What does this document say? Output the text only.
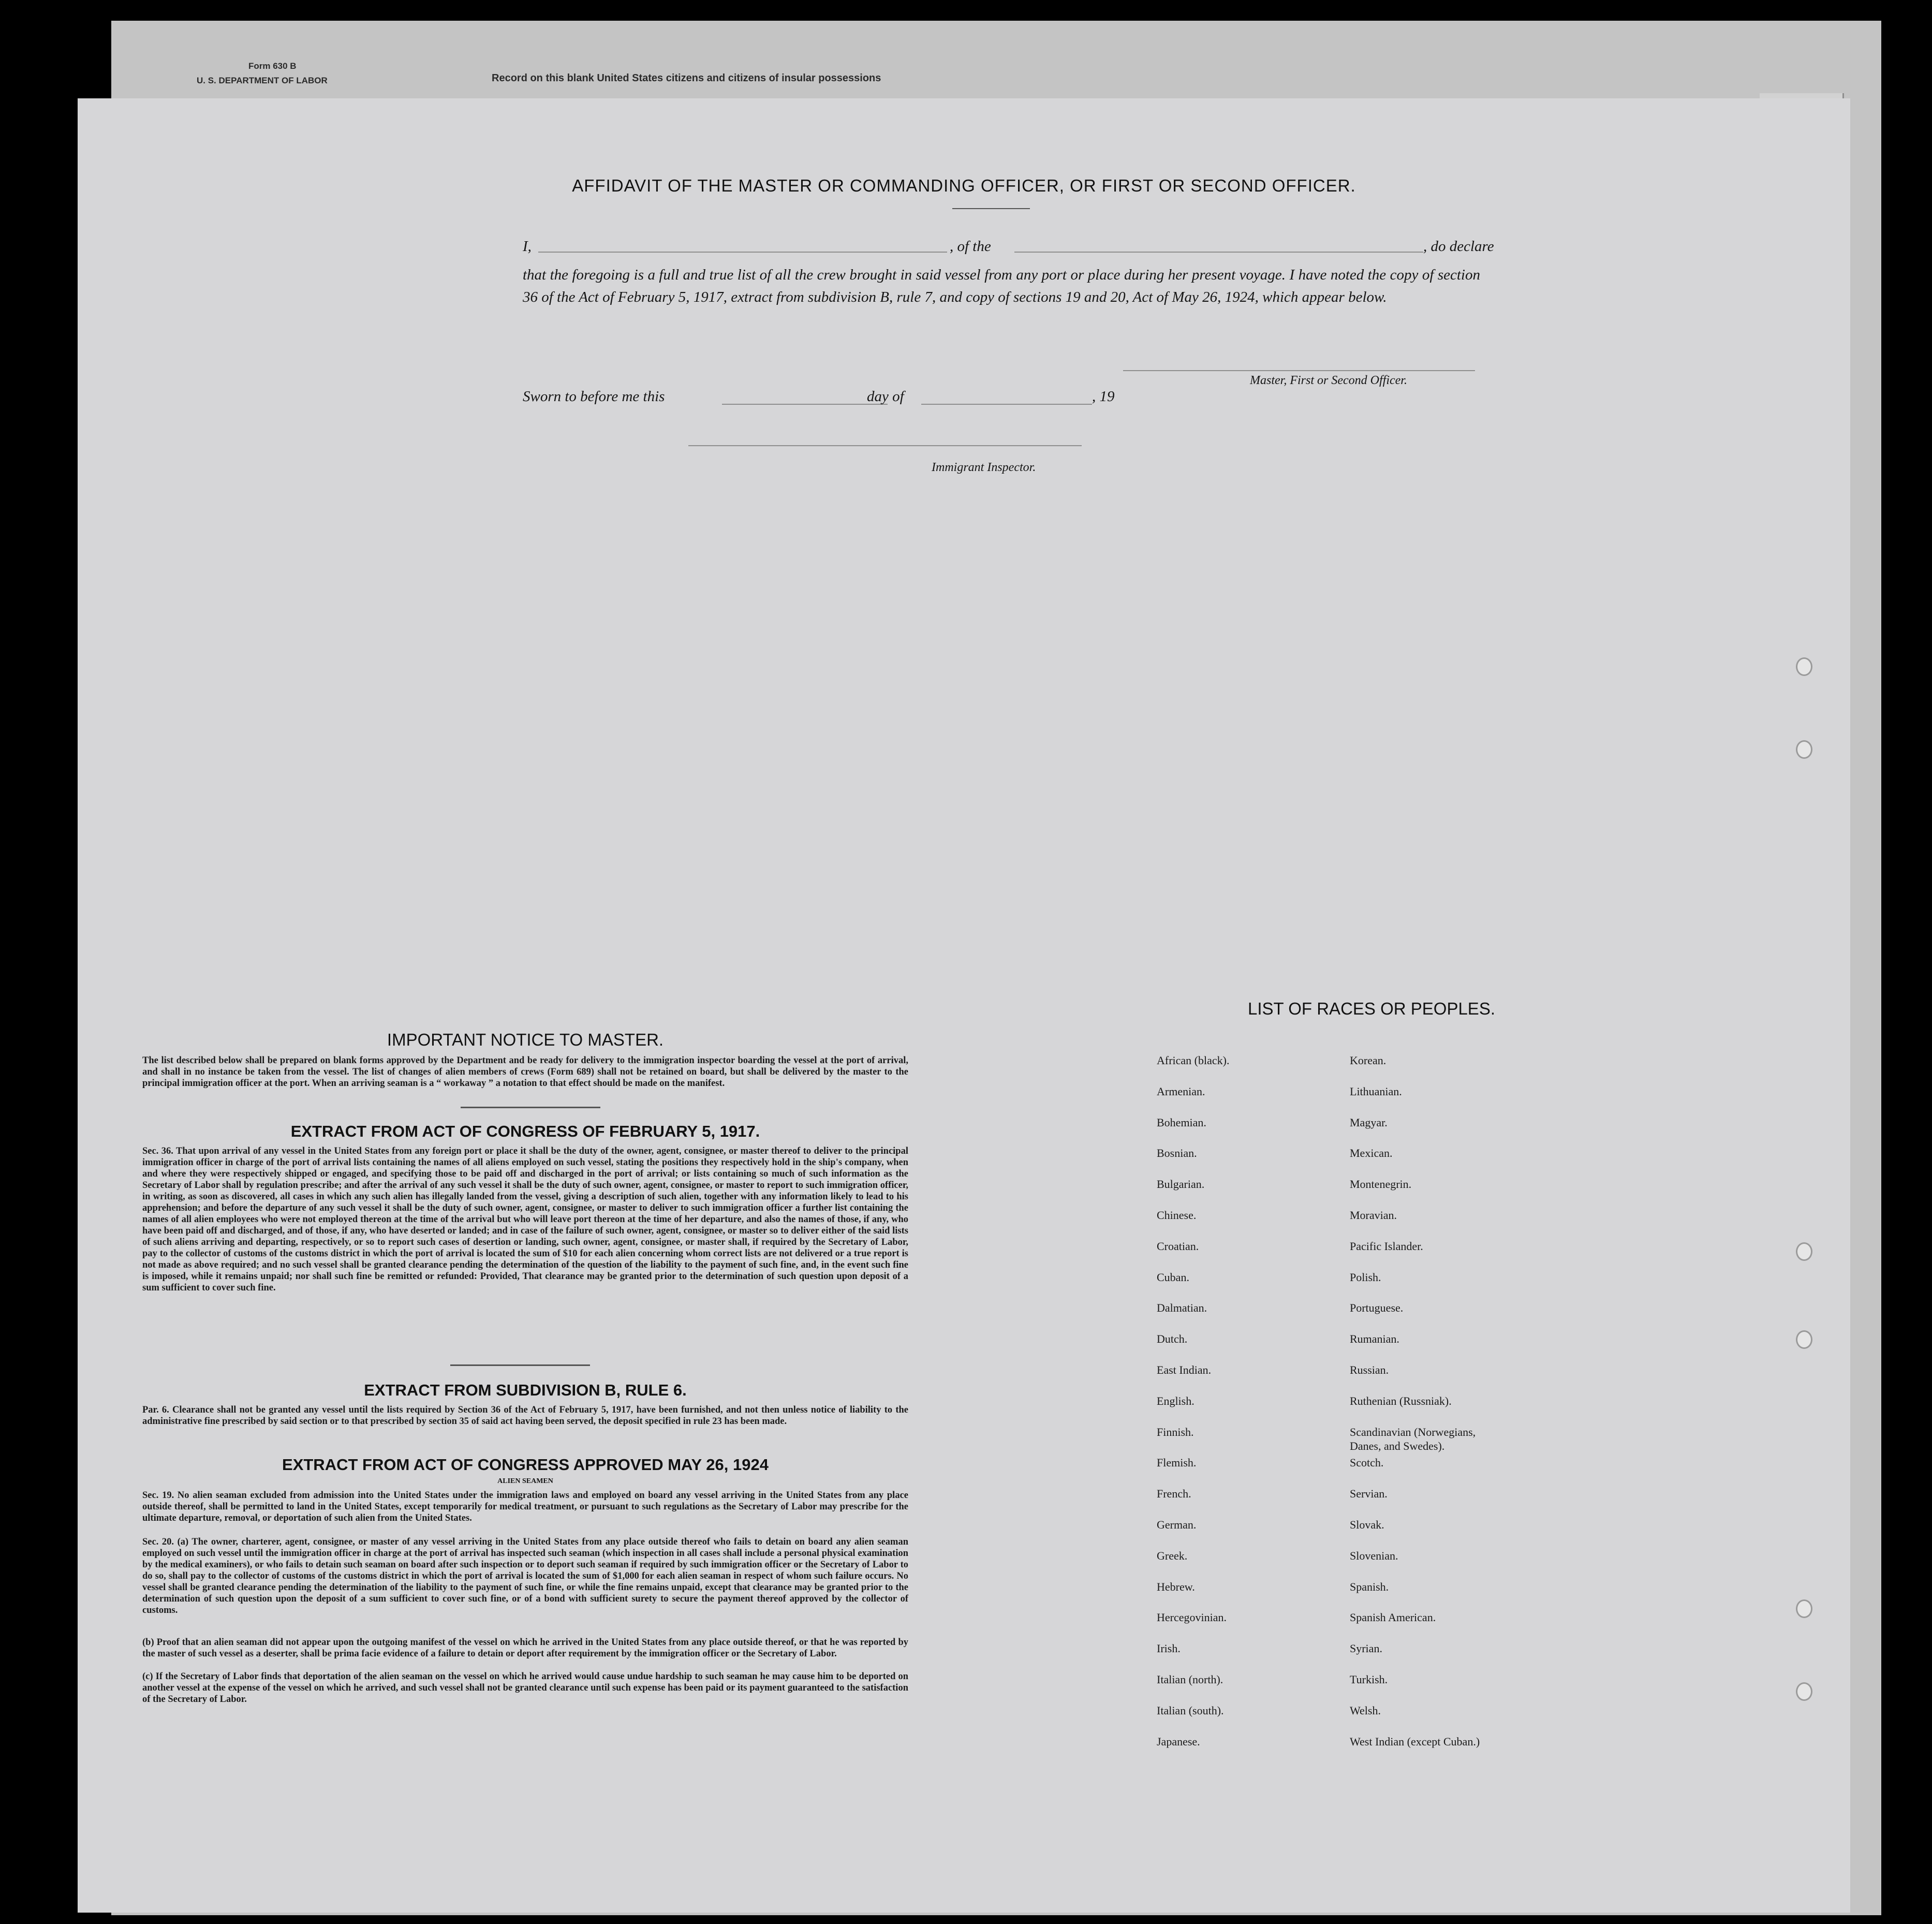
Form 630 B
U. S. DEPARTMENT OF LABOR	Record on this blank United States citizens and citizens of insular possessions
AFFIDAVIT OF THE MASTER OR COMMANDING OFFICER, OR FIRST OR SECOND OFFICER.
I,	, of the	, do declare
that the foregoing is a full and true list of all the crew brought in said vessel from any port or place during her present voyage. I have noted the copy of section 36 of the Act of February 5, 1917, extract from subdivision B, rule 7, and copy of sections 19 and 20, Act of May 26, 1924, which appear below.
Master, First or Second Officer.
Sworn to before me this	day of	, 19
Immigrant Inspector.
IMPORTANT NOTICE TO MASTER.
The list described below shall be prepared on blank forms approved by the Department and be ready for delivery to the immigration inspector boarding the vessel at the port of arrival, and shall in no instance be taken from the vessel. The list of changes of alien members of crews (Form 689) shall not be retained on board, but shall be delivered by the master to the principal immigration officer at the port. When an arriving seaman is a “ workaway ” a notation to that effect should be made on the manifest.
EXTRACT FROM ACT OF CONGRESS OF FEBRUARY 5, 1917.
Sec. 36. That upon arrival of any vessel in the United States from any foreign port or place it shall be the duty of the owner, agent, consignee, or master thereof to deliver to the principal immigration officer in charge of the port of arrival lists containing the names of all aliens employed on such vessel, stating the positions they respectively hold in the ship's company, when and where they were respectively shipped or engaged, and specifying those to be paid off and discharged in the port of arrival; or lists containing so much of such information as the Secretary of Labor shall by regulation prescribe; and after the arrival of any such vessel it shall be the duty of such owner, agent, consignee, or master to report to such immigration officer, in writing, as soon as discovered, all cases in which any such alien has illegally landed from the vessel, giving a description of such alien, together with any information likely to lead to his apprehension; and before the departure of any such vessel it shall be the duty of such owner, agent, consignee, or master to deliver to such immigration officer a further list containing the names of all alien employees who were not employed thereon at the time of the arrival but who will leave port thereon at the time of her departure, and also the names of those, if any, who have been paid off and discharged, and of those, if any, who have deserted or landed; and in case of the failure of such owner, agent, consignee, or master so to deliver either of the said lists of such aliens arriving and departing, respectively, or so to report such cases of desertion or landing, such owner, agent, consignee, or master shall, if required by the Secretary of Labor, pay to the collector of customs of the customs district in which the port of arrival is located the sum of $10 for each alien concerning whom correct lists are not delivered or a true report is not made as above required; and no such vessel shall be granted clearance pending the determination of the question of the liability to the payment of such fine, and, in the event such fine is imposed, while it remains unpaid; nor shall such fine be remitted or refunded: Provided, That clearance may be granted prior to the determination of such question upon deposit of a sum sufficient to cover such fine.
EXTRACT FROM SUBDIVISION B, RULE 6.
Par. 6. Clearance shall not be granted any vessel until the lists required by Section 36 of the Act of February 5, 1917, have been furnished, and not then unless notice of liability to the administrative fine prescribed by said section or to that prescribed by section 35 of said act having been served, the deposit specified in rule 23 has been made.
EXTRACT FROM ACT OF CONGRESS APPROVED MAY 26, 1924
ALIEN SEAMEN
Sec. 19. No alien seaman excluded from admission into the United States under the immigration laws and employed on board any vessel arriving in the United States from any place outside thereof, shall be permitted to land in the United States, except temporarily for medical treatment, or pursuant to such regulations as the Secretary of Labor may prescribe for the ultimate departure, removal, or deportation of such alien from the United States.
Sec. 20. (a) The owner, charterer, agent, consignee, or master of any vessel arriving in the United States from any place outside thereof who fails to detain on board any alien seaman employed on such vessel until the immigration officer in charge at the port of arrival has inspected such seaman (which inspection in all cases shall include a personal physical examination by the medical examiners), or who fails to detain such seaman on board after such inspection or to deport such seaman if required by such immigration officer or the Secretary of Labor to do so, shall pay to the collector of customs of the customs district in which the port of arrival is located the sum of $1,000 for each alien seaman in respect of whom such failure occurs. No vessel shall be granted clearance pending the determination of the liability to the payment of such fine, or while the fine remains unpaid, except that clearance may be granted prior to the determination of such question upon the deposit of a sum sufficient to cover such fine, or of a bond with sufficient surety to secure the payment thereof approved by the collector of customs.
(b) Proof that an alien seaman did not appear upon the outgoing manifest of the vessel on which he arrived in the United States from any place outside thereof, or that he was reported by the master of such vessel as a deserter, shall be prima facie evidence of a failure to detain or deport after requirement by the immigration officer or the Secretary of Labor.
(c) If the Secretary of Labor finds that deportation of the alien seaman on the vessel on which he arrived would cause undue hardship to such seaman he may cause him to be deported on another vessel at the expense of the vessel on which he arrived, and such vessel shall not be granted clearance until such expense has been paid or its payment guaranteed to the satisfaction of the Secretary of Labor.
LIST OF RACES OR PEOPLES.
African (black).
Armenian.
Bohemian.
Bosnian.
Bulgarian.
Chinese.
Croatian.
Cuban.
Dalmatian.
Dutch.
East Indian.
English.
Finnish.
Flemish.
French.
German.
Greek.
Hebrew.
Hercegovinian.
Irish.
Italian (north).
Italian (south).
Japanese.
Korean.
Lithuanian.
Magyar.
Mexican.
Montenegrin.
Moravian.
Pacific Islander.
Polish.
Portuguese.
Rumanian.
Russian.
Ruthenian (Russniak).
Scandinavian (Norwegians,
Danes, and Swedes).
Scotch.
Servian.
Slovak.
Slovenian.
Spanish.
Spanish American.
Syrian.
Turkish.
Welsh.
West Indian (except Cuban.)
